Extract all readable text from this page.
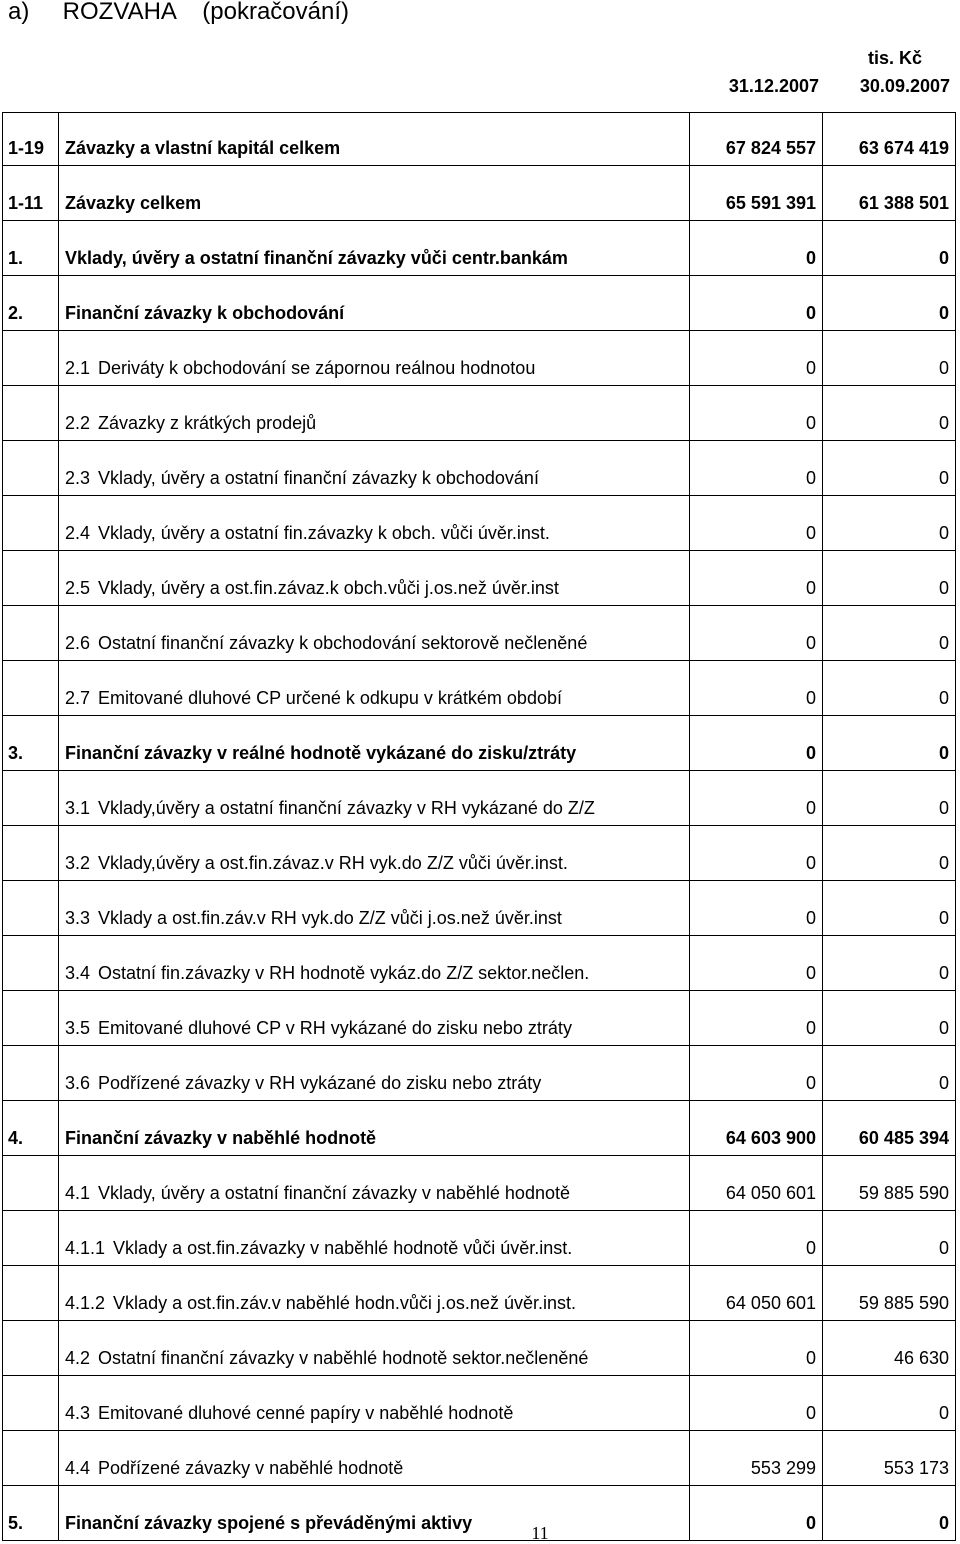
a)     ROZVAHA    (pokračování)
tis. Kč
31.12.2007 30.09.2007
1-19	Závazky a vlastní kapitál celkem	67 824 557	63 674 419
1-11	Závazky celkem	65 591 391	61 388 501
1.	Vklady, úvěry a ostatní finanční závazky vůči centr.bankám	0	0
2.	Finanční závazky k obchodování	0	0
	2.1 Deriváty k obchodování se zápornou reálnou hodnotou	0	0
	2.2 Závazky z krátkých prodejů	0	0
	2.3 Vklady, úvěry a ostatní finanční závazky k obchodování	0	0
	2.4 Vklady, úvěry a ostatní fin.závazky k obch. vůči úvěr.inst.	0	0
	2.5 Vklady, úvěry a ost.fin.závaz.k obch.vůči j.os.než úvěr.inst	0	0
	2.6 Ostatní finanční závazky k obchodování sektorově nečleněné	0	0
	2.7 Emitované dluhové CP určené k odkupu v krátkém období	0	0
3.	Finanční závazky v reálné hodnotě vykázané do zisku/ztráty	0	0
	3.1 Vklady,úvěry a ostatní finanční závazky v RH vykázané do Z/Z	0	0
	3.2 Vklady,úvěry a ost.fin.závaz.v RH vyk.do Z/Z vůči úvěr.inst.	0	0
	3.3 Vklady a ost.fin.záv.v RH vyk.do Z/Z vůči j.os.než úvěr.inst	0	0
	3.4 Ostatní fin.závazky v RH hodnotě vykáz.do Z/Z sektor.nečlen.	0	0
	3.5 Emitované dluhové CP v RH vykázané do zisku nebo ztráty	0	0
	3.6 Podřízené závazky v RH vykázané do zisku nebo ztráty	0	0
4.	Finanční závazky v naběhlé hodnotě	64 603 900	60 485 394
	4.1 Vklady, úvěry a ostatní finanční závazky v naběhlé hodnotě	64 050 601	59 885 590
	4.1.1 Vklady a ost.fin.závazky v naběhlé hodnotě vůči úvěr.inst.	0	0
	4.1.2 Vklady a ost.fin.záv.v naběhlé hodn.vůči j.os.než úvěr.inst.	64 050 601	59 885 590
	4.2 Ostatní finanční závazky v naběhlé hodnotě sektor.nečleněné	0	46 630
	4.3 Emitované dluhové cenné papíry v naběhlé hodnotě	0	0
	4.4 Podřízené závazky v naběhlé hodnotě	553 299	553 173
5.	Finanční závazky spojené s převáděnými aktivy	0	0
11
